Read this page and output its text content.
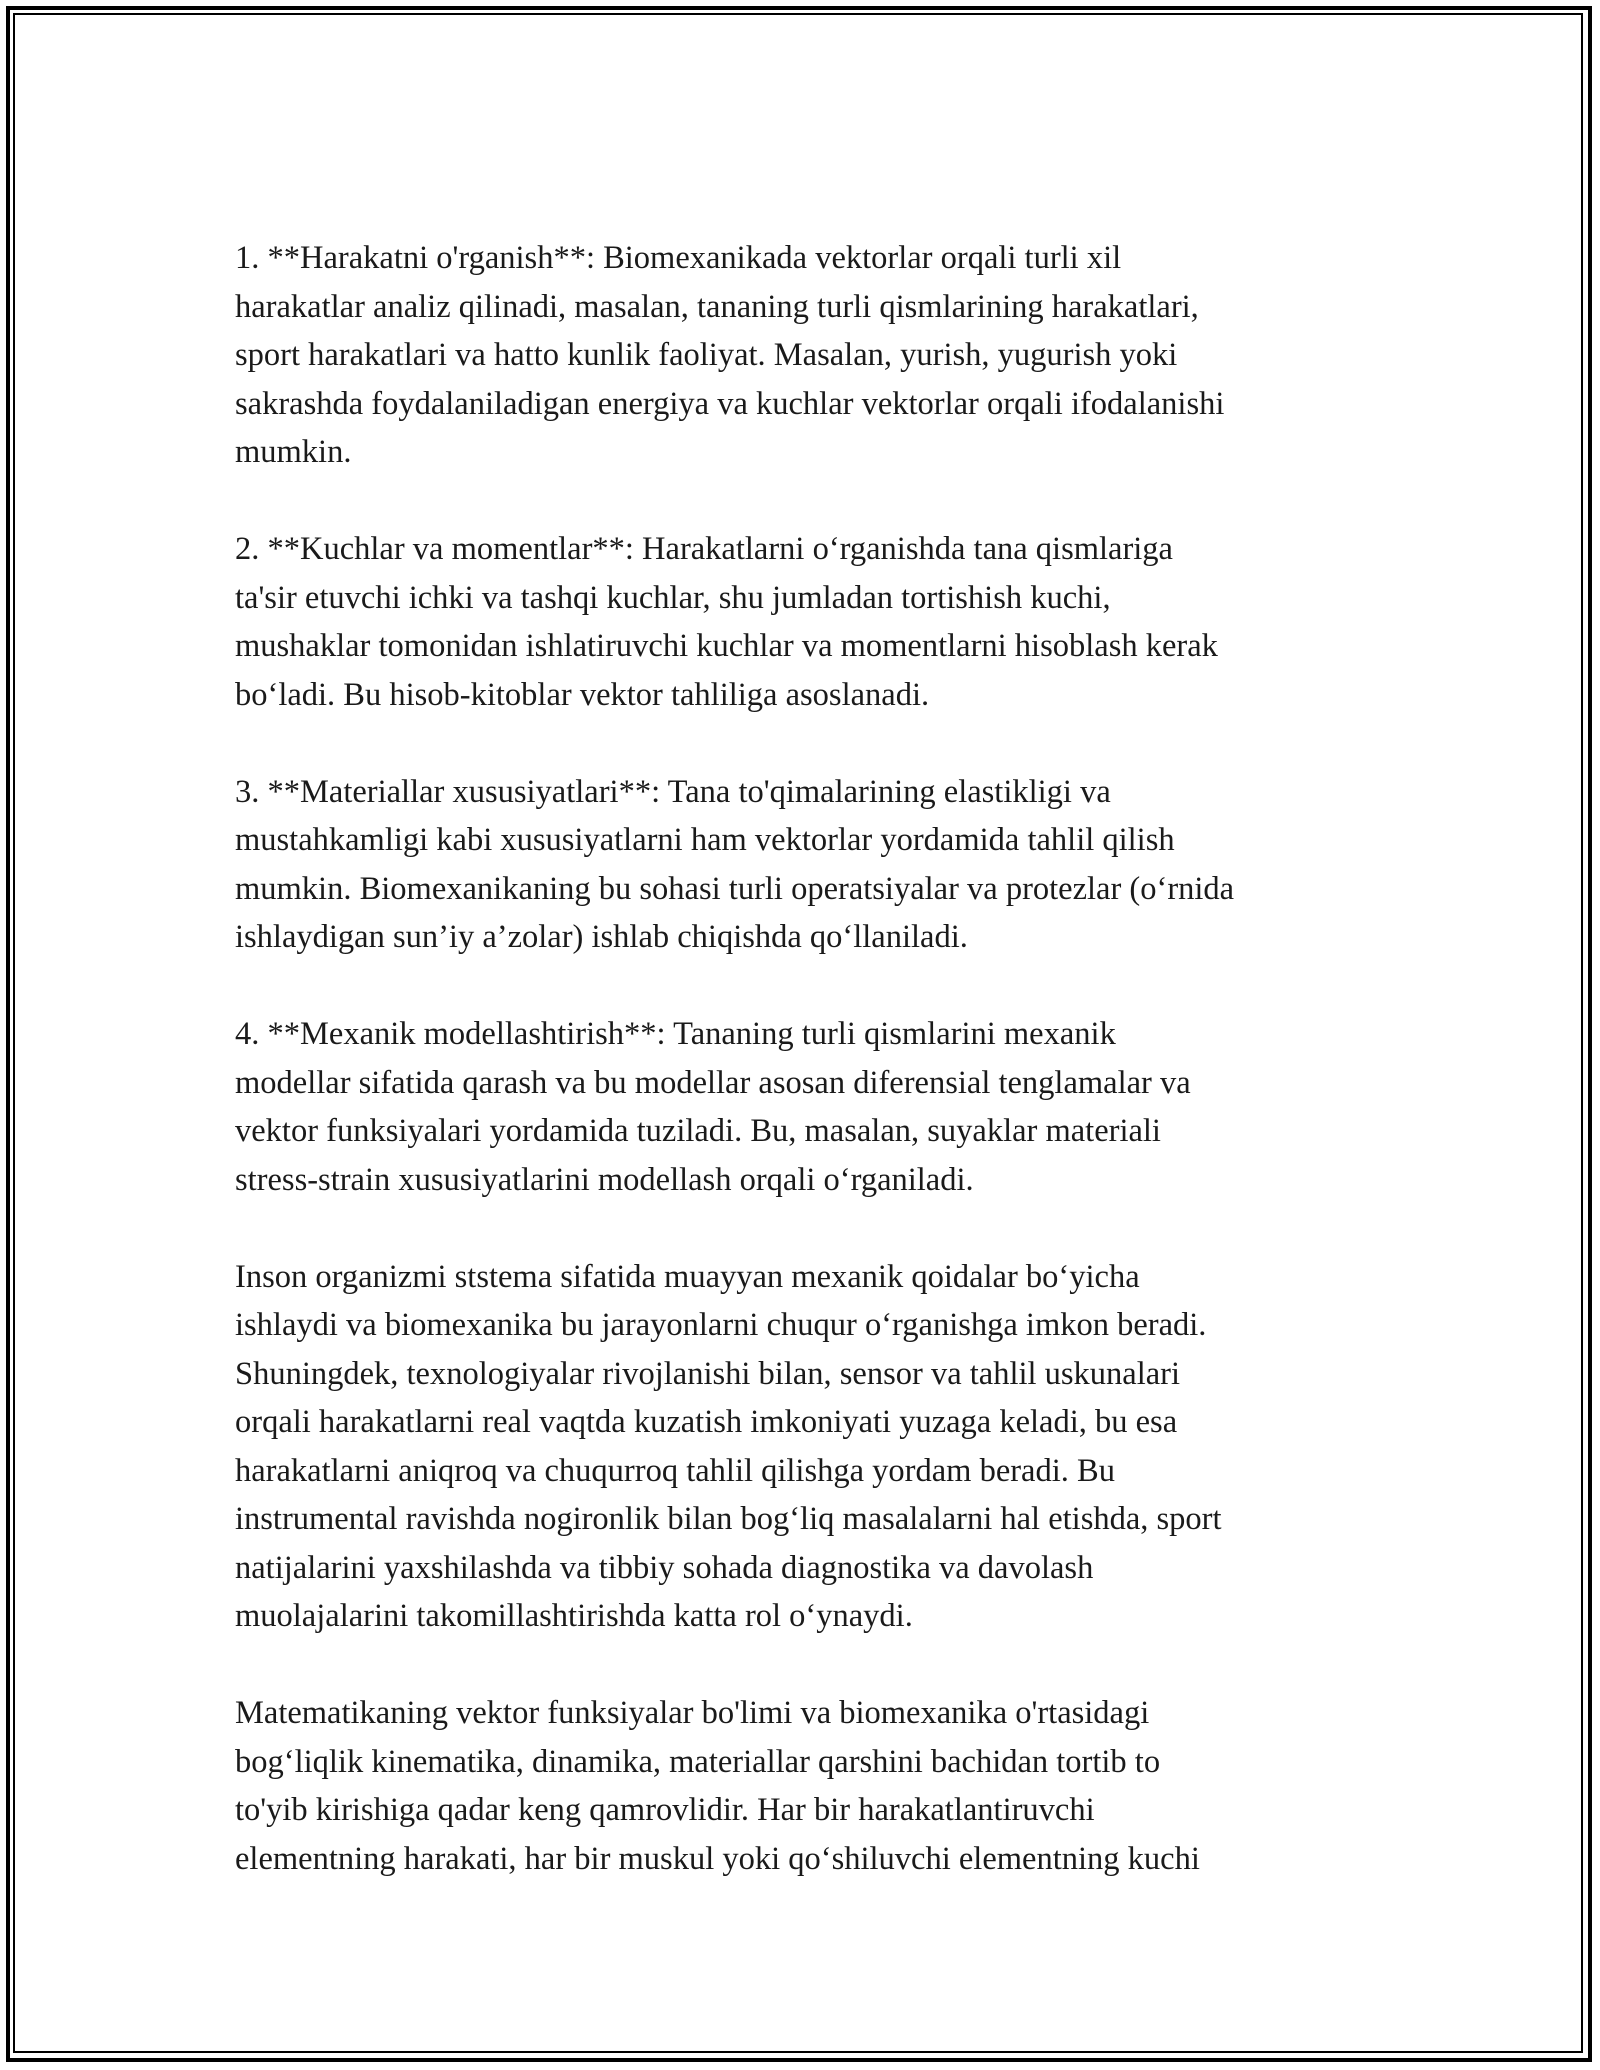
1. **Harakatni o'rganish**: Biomexanikada vektorlar orqali turli xil
harakatlar analiz qilinadi, masalan, tananing turli qismlarining harakatlari,
sport harakatlari va hatto kunlik faoliyat. Masalan, yurish, yugurish yoki
sakrashda foydalaniladigan energiya va kuchlar vektorlar orqali ifodalanishi
mumkin.

2. **Kuchlar va momentlar**: Harakatlarni o‘rganishda tana qismlariga
ta'sir etuvchi ichki va tashqi kuchlar, shu jumladan tortishish kuchi,
mushaklar tomonidan ishlatiruvchi kuchlar va momentlarni hisoblash kerak
bo‘ladi. Bu hisob-kitoblar vektor tahliliga asoslanadi.

3. **Materiallar xususiyatlari**: Tana to'qimalarining elastikligi va
mustahkamligi kabi xususiyatlarni ham vektorlar yordamida tahlil qilish
mumkin. Biomexanikaning bu sohasi turli operatsiyalar va protezlar (o‘rnida
ishlaydigan sun’iy a’zolar) ishlab chiqishda qo‘llaniladi.

4. **Mexanik modellashtirish**: Tananing turli qismlarini mexanik
modellar sifatida qarash va bu modellar asosan diferensial tenglamalar va
vektor funksiyalari yordamida tuziladi. Bu, masalan, suyaklar materiali
stress-strain xususiyatlarini modellash orqali o‘rganiladi.

Inson organizmi ststema sifatida muayyan mexanik qoidalar bo‘yicha
ishlaydi va biomexanika bu jarayonlarni chuqur o‘rganishga imkon beradi.
Shuningdek, texnologiyalar rivojlanishi bilan, sensor va tahlil uskunalari
orqali harakatlarni real vaqtda kuzatish imkoniyati yuzaga keladi, bu esa
harakatlarni aniqroq va chuqurroq tahlil qilishga yordam beradi. Bu
instrumental ravishda nogironlik bilan bog‘liq masalalarni hal etishda, sport
natijalarini yaxshilashda va tibbiy sohada diagnostika va davolash
muolajalarini takomillashtirishda katta rol o‘ynaydi.

Matematikaning vektor funksiyalar bo'limi va biomexanika o'rtasidagi
bog‘liqlik kinematika, dinamika, materiallar qarshini bachidan tortib to
to'yib kirishiga qadar keng qamrovlidir. Har bir harakatlantiruvchi
elementning harakati, har bir muskul yoki qo‘shiluvchi elementning kuchi
